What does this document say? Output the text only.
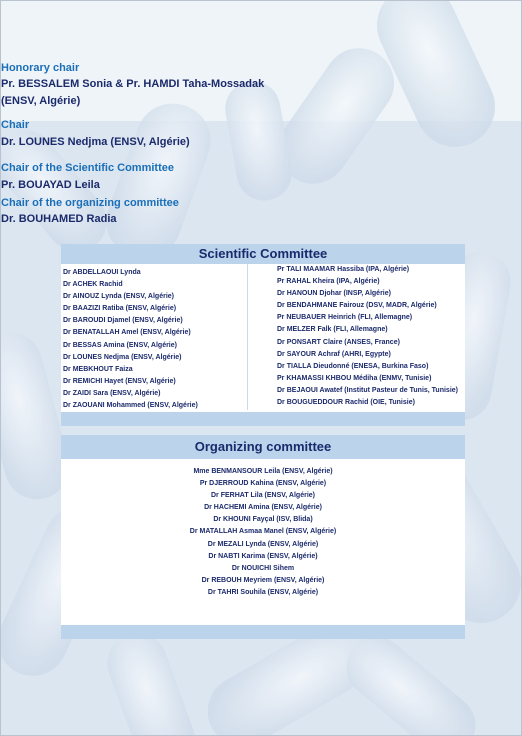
Honorary chair
Pr. BESSALEM Sonia & Pr. HAMDI Taha-Mossadak
(ENSV, Algérie)
Chair
Dr. LOUNES Nedjma (ENSV, Algérie)
Chair of the Scientific Committee
Pr. BOUAYAD Leila
Chair of the organizing committee
Dr. BOUHAMED Radia
Scientific Committee
Dr ABDELLAOUI Lynda
Dr ACHEK Rachid
Dr AINOUZ Lynda (ENSV, Algérie)
Dr BAAZIZI Ratiba (ENSV, Algérie)
Dr BAROUDI Djamel (ENSV, Algérie)
Dr BENATALLAH Amel (ENSV, Algérie)
Dr BESSAS Amina (ENSV, Algérie)
Dr LOUNES Nedjma (ENSV, Algérie)
Dr MEBKHOUT Faiza
Dr REMICHI Hayet (ENSV, Algérie)
Dr ZAIDI Sara (ENSV, Algérie)
Dr ZAOUANI Mohammed (ENSV, Algérie)
Pr TALI MAAMAR Hassiba (IPA, Algérie)
Pr RAHAL Kheira (IPA, Algérie)
Dr HANOUN Djohar (INSP, Algérie)
Dr BENDAHMANE Fairouz (DSV, MADR, Algérie)
Pr NEUBAUER Heinrich (FLI, Allemagne)
Dr MELZER Falk (FLI, Allemagne)
Dr PONSART Claire (ANSES, France)
Dr SAYOUR Achraf (AHRI, Egypte)
Dr TIALLA Dieudonné (ENESA, Burkina Faso)
Pr KHAMASSI KHBOU Médiha (ENMV, Tunisie)
Dr BEJAOUI Awatef (Institut Pasteur de Tunis, Tunisie)
Dr BOUGUEDDOUR Rachid (OIE, Tunisie)
Organizing committee
Mme BENMANSOUR Leila (ENSV, Algérie)
Pr DJERROUD Kahina (ENSV, Algérie)
Dr FERHAT Lila (ENSV, Algérie)
Dr HACHEMI Amina (ENSV, Algérie)
Dr KHOUNI Fayçal (ISV, Blida)
Dr MATALLAH Asmaa Manel (ENSV, Algérie)
Dr MEZALI Lynda (ENSV, Algérie)
Dr NABTI Karima (ENSV, Algérie)
Dr NOUICHI Sihem
Dr REBOUH Meyriem (ENSV, Algérie)
Dr TAHRI Souhila (ENSV, Algérie)
